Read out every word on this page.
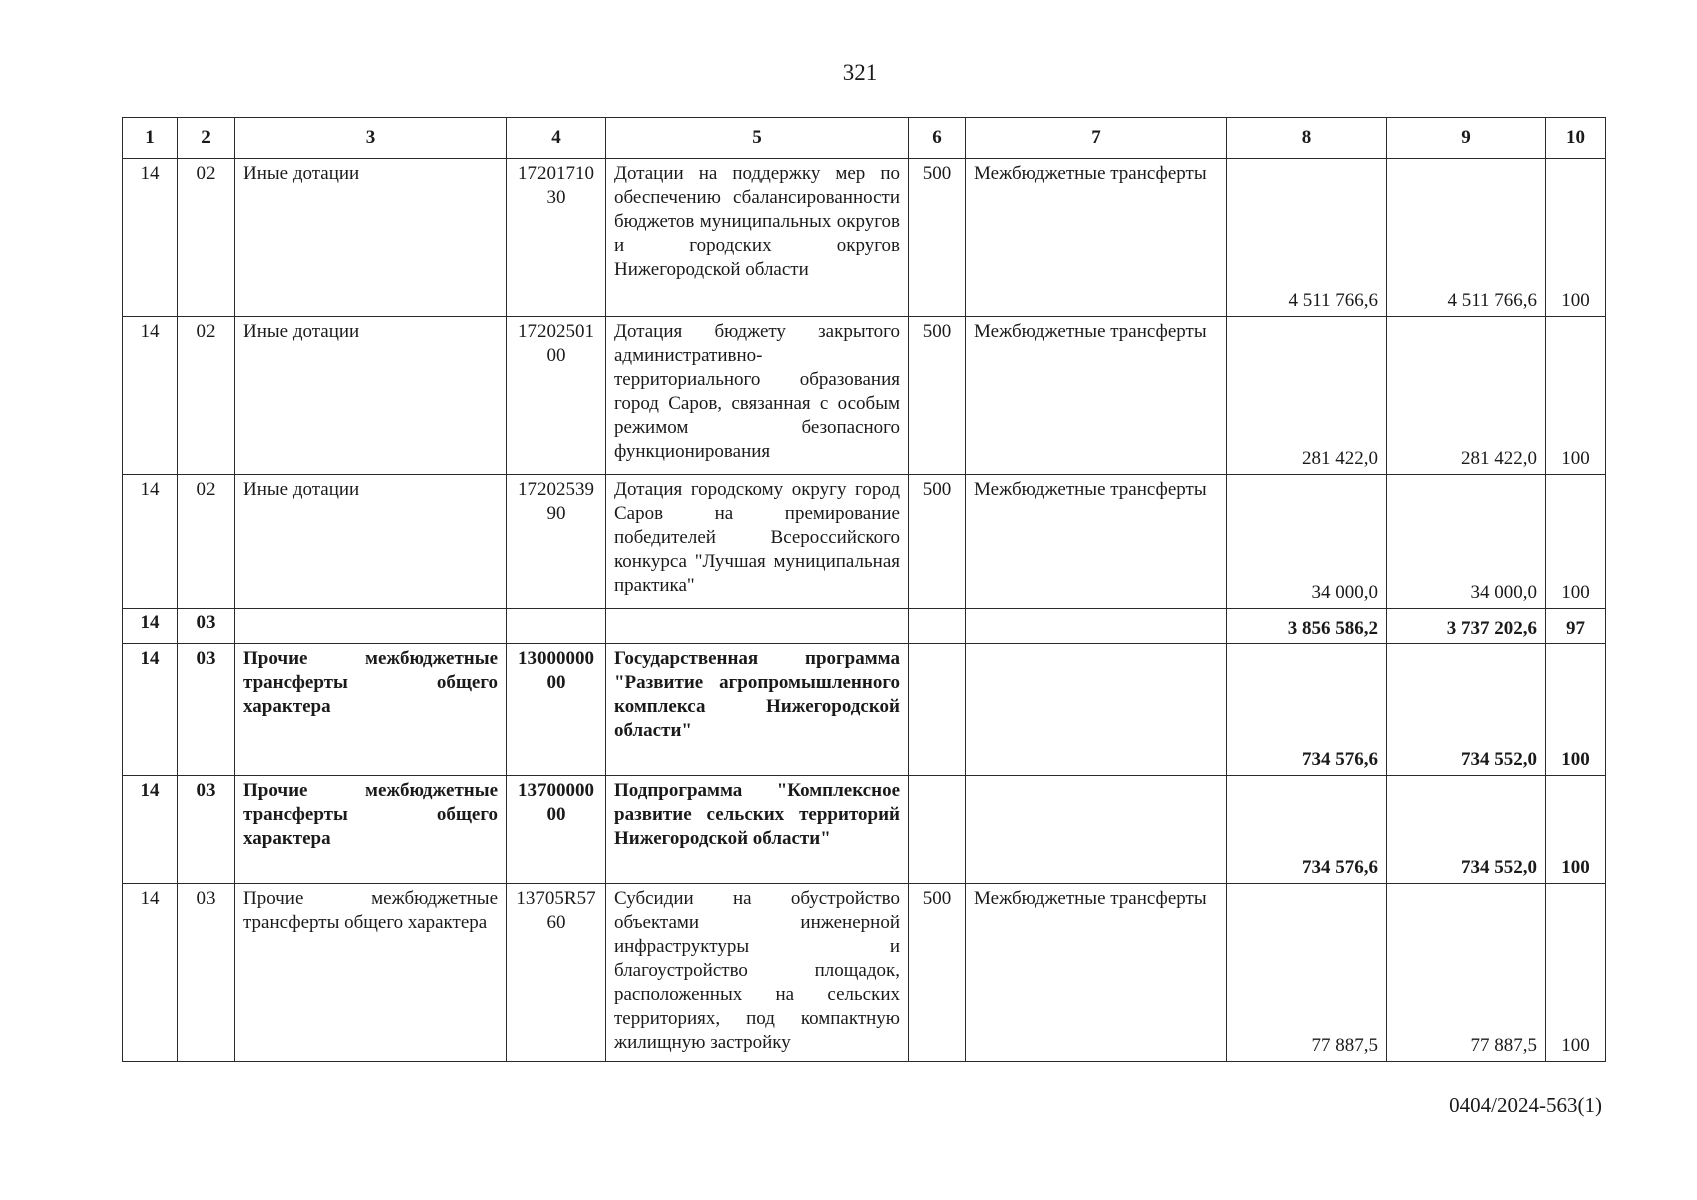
321
1	2	3	4	5	6	7	8	9	10
14	02	Иные дотации	1720171030	Дотации на поддержку мер по обеспечению сбалансированности бюджетов муниципальных округов и городских округов Нижегородской области	500	Межбюджетные трансферты	4 511 766,6	4 511 766,6	100
14	02	Иные дотации	1720250100	Дотация бюджету закрытого административно-территориального образования город Саров, связанная с особым режимом безопасного функционирования	500	Межбюджетные трансферты	281 422,0	281 422,0	100
14	02	Иные дотации	1720253990	Дотация городскому округу город Саров на премирование победителей Всероссийского конкурса "Лучшая муниципальная практика"	500	Межбюджетные трансферты	34 000,0	34 000,0	100
14	03						3 856 586,2	3 737 202,6	97
14	03	Прочие межбюджетные трансферты общего характера	1300000000	Государственная программа "Развитие агропромышленного комплекса Нижегородской области"			734 576,6	734 552,0	100
14	03	Прочие межбюджетные трансферты общего характера	1370000000	Подпрограмма "Комплексное развитие сельских территорий Нижегородской области"			734 576,6	734 552,0	100
14	03	Прочие межбюджетные трансферты общего характера	13705R5760	Субсидии на обустройство объектами инженерной инфраструктуры и благоустройство площадок, расположенных на сельских территориях, под компактную жилищную застройку	500	Межбюджетные трансферты	77 887,5	77 887,5	100
0404/2024-563(1)
